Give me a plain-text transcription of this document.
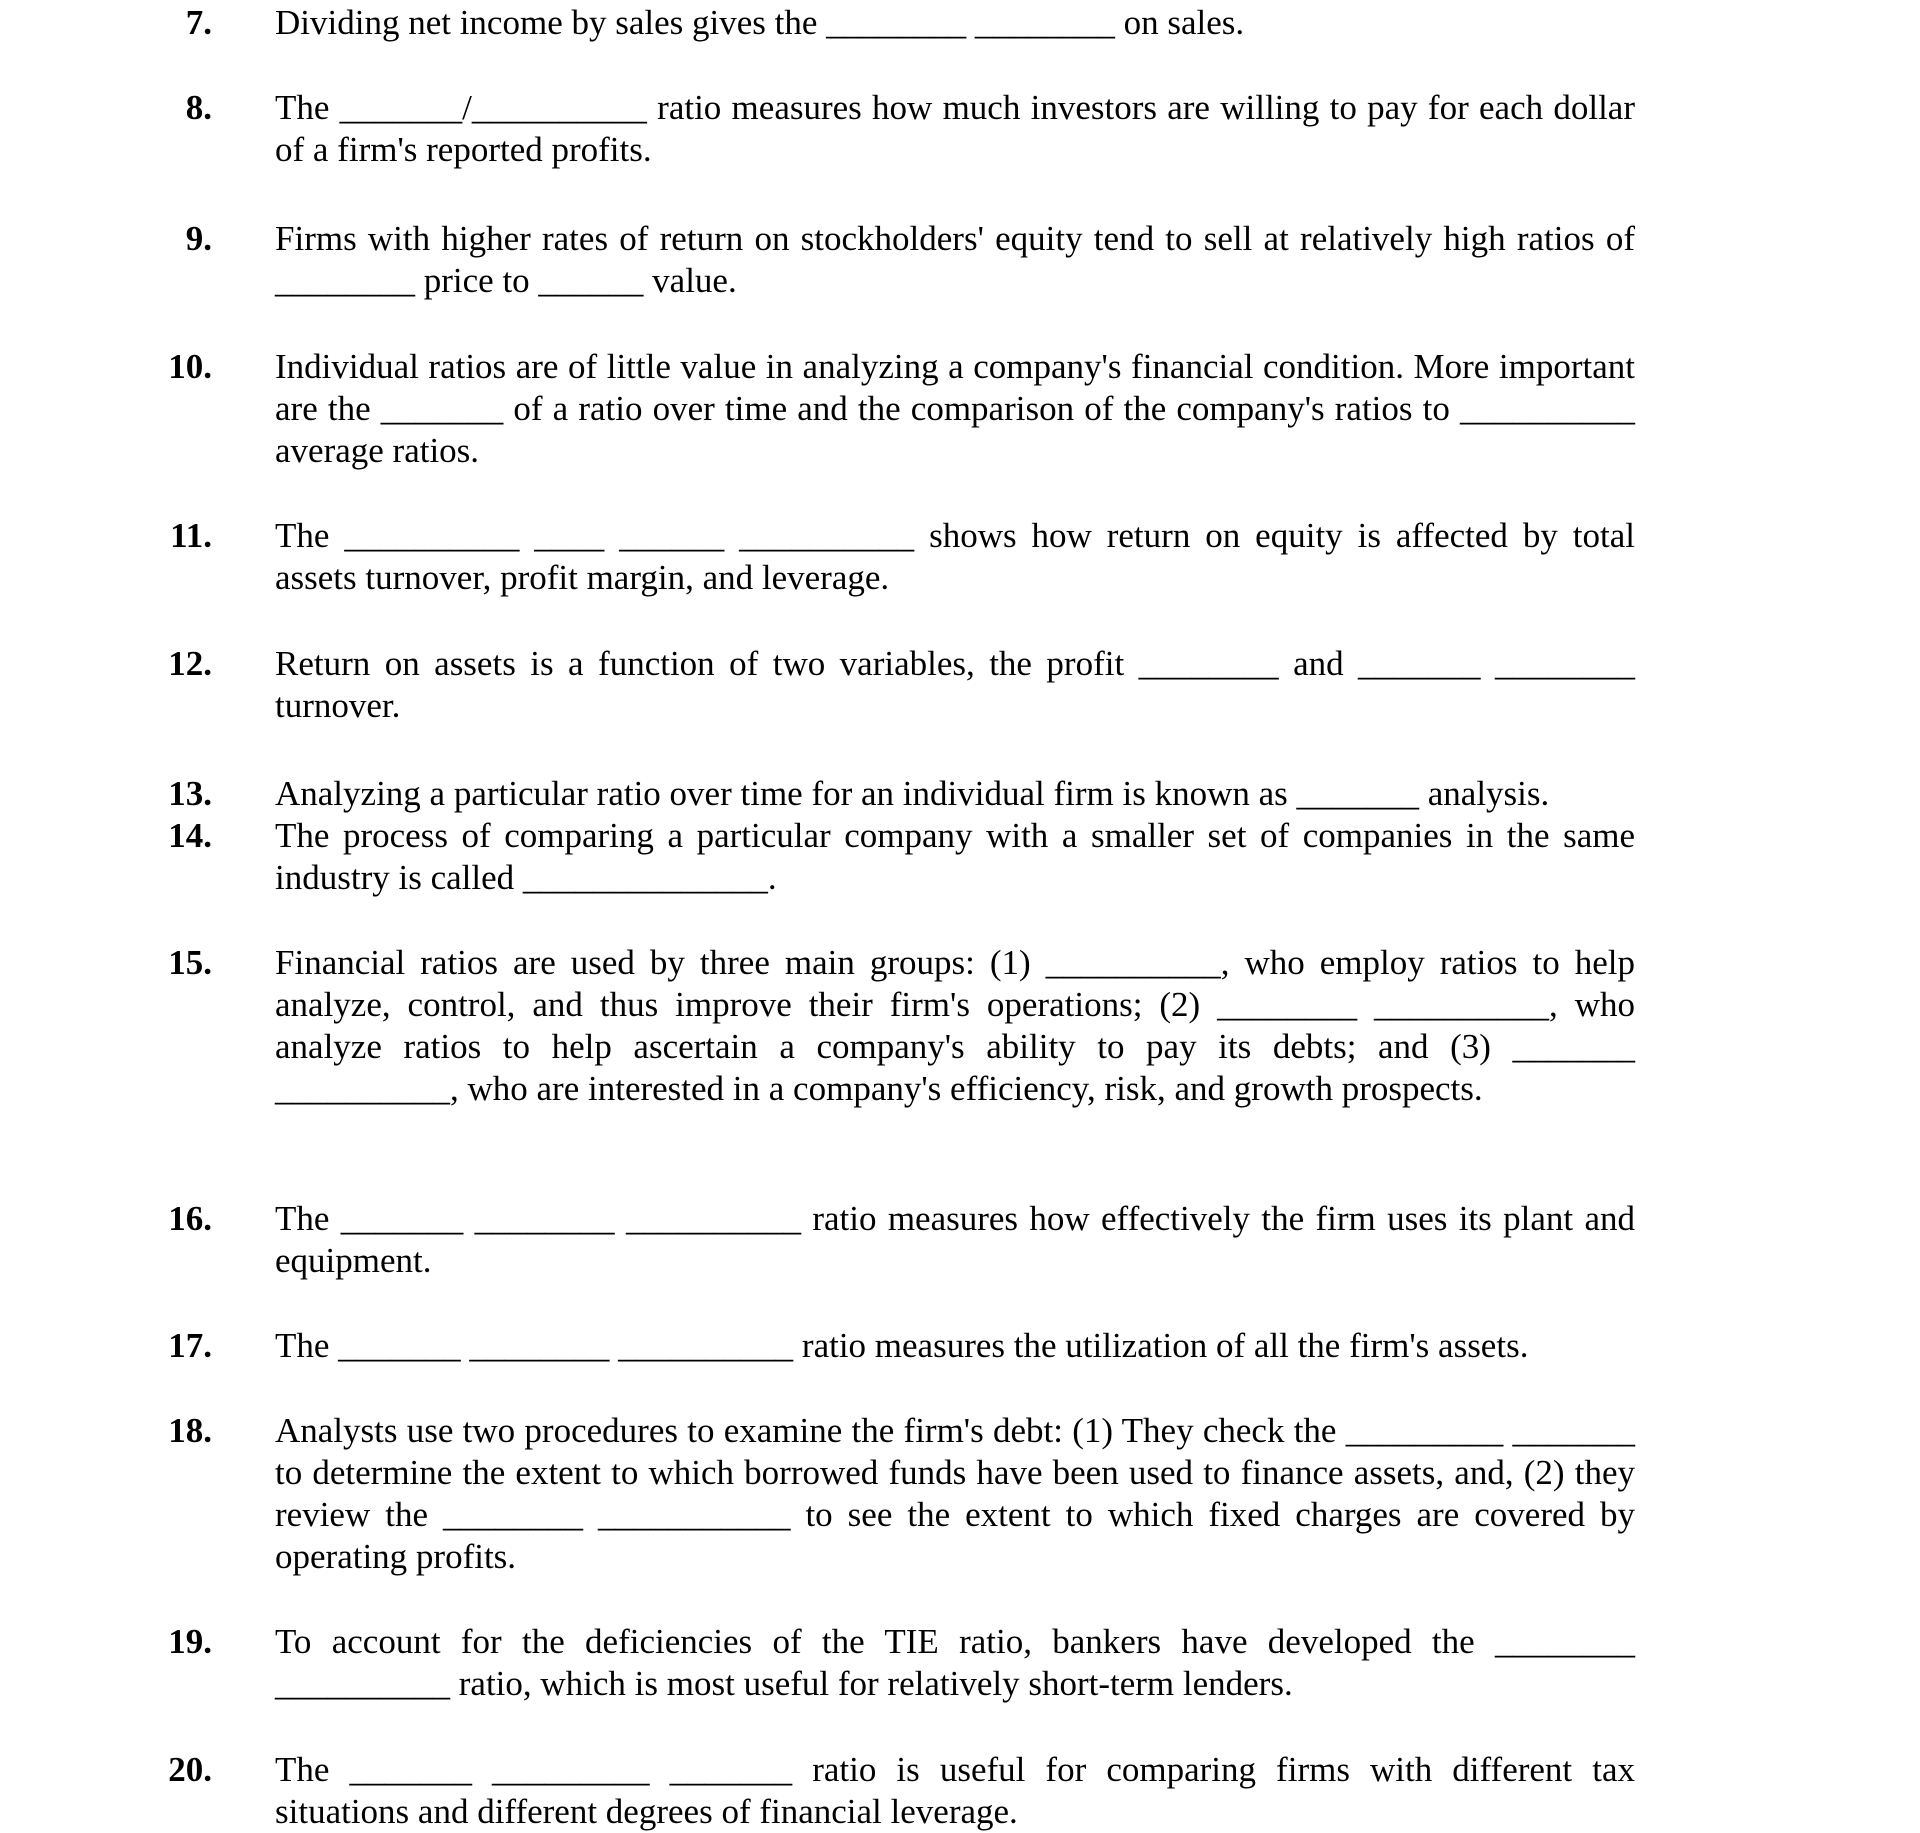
7. Dividing net income by sales gives the ________ ________ on sales.
8. The _______/__________ ratio measures how much investors are willing to pay for each dollar of a firm's reported profits.
9. Firms with higher rates of return on stockholders' equity tend to sell at relatively high ratios of ________ price to ______ value.
10. Individual ratios are of little value in analyzing a company's financial condition. More important are the _______ of a ratio over time and the comparison of the company's ratios to __________ average ratios.
11. The __________ ____ ______ __________ shows how return on equity is affected by total assets turnover, profit margin, and leverage.
12. Return on assets is a function of two variables, the profit ________ and _______ ________ turnover.
13. Analyzing a particular ratio over time for an individual firm is known as _______ analysis.
14. The process of comparing a particular company with a smaller set of companies in the same industry is called ______________.
15. Financial ratios are used by three main groups: (1) __________, who employ ratios to help analyze, control, and thus improve their firm's operations; (2) ________ __________, who analyze ratios to help ascertain a company's ability to pay its debts; and (3) _______ __________, who are interested in a company's efficiency, risk, and growth prospects.
16. The _______ ________ __________ ratio measures how effectively the firm uses its plant and equipment.
17. The _______ ________ __________ ratio measures the utilization of all the firm's assets.
18. Analysts use two procedures to examine the firm's debt: (1) They check the _________ _______ to determine the extent to which borrowed funds have been used to finance assets, and, (2) they review the ________ ___________ to see the extent to which fixed charges are covered by operating profits.
19. To account for the deficiencies of the TIE ratio, bankers have developed the ________ __________ ratio, which is most useful for relatively short-term lenders.
20. The _______ _________ _______ ratio is useful for comparing firms with different tax situations and different degrees of financial leverage.
